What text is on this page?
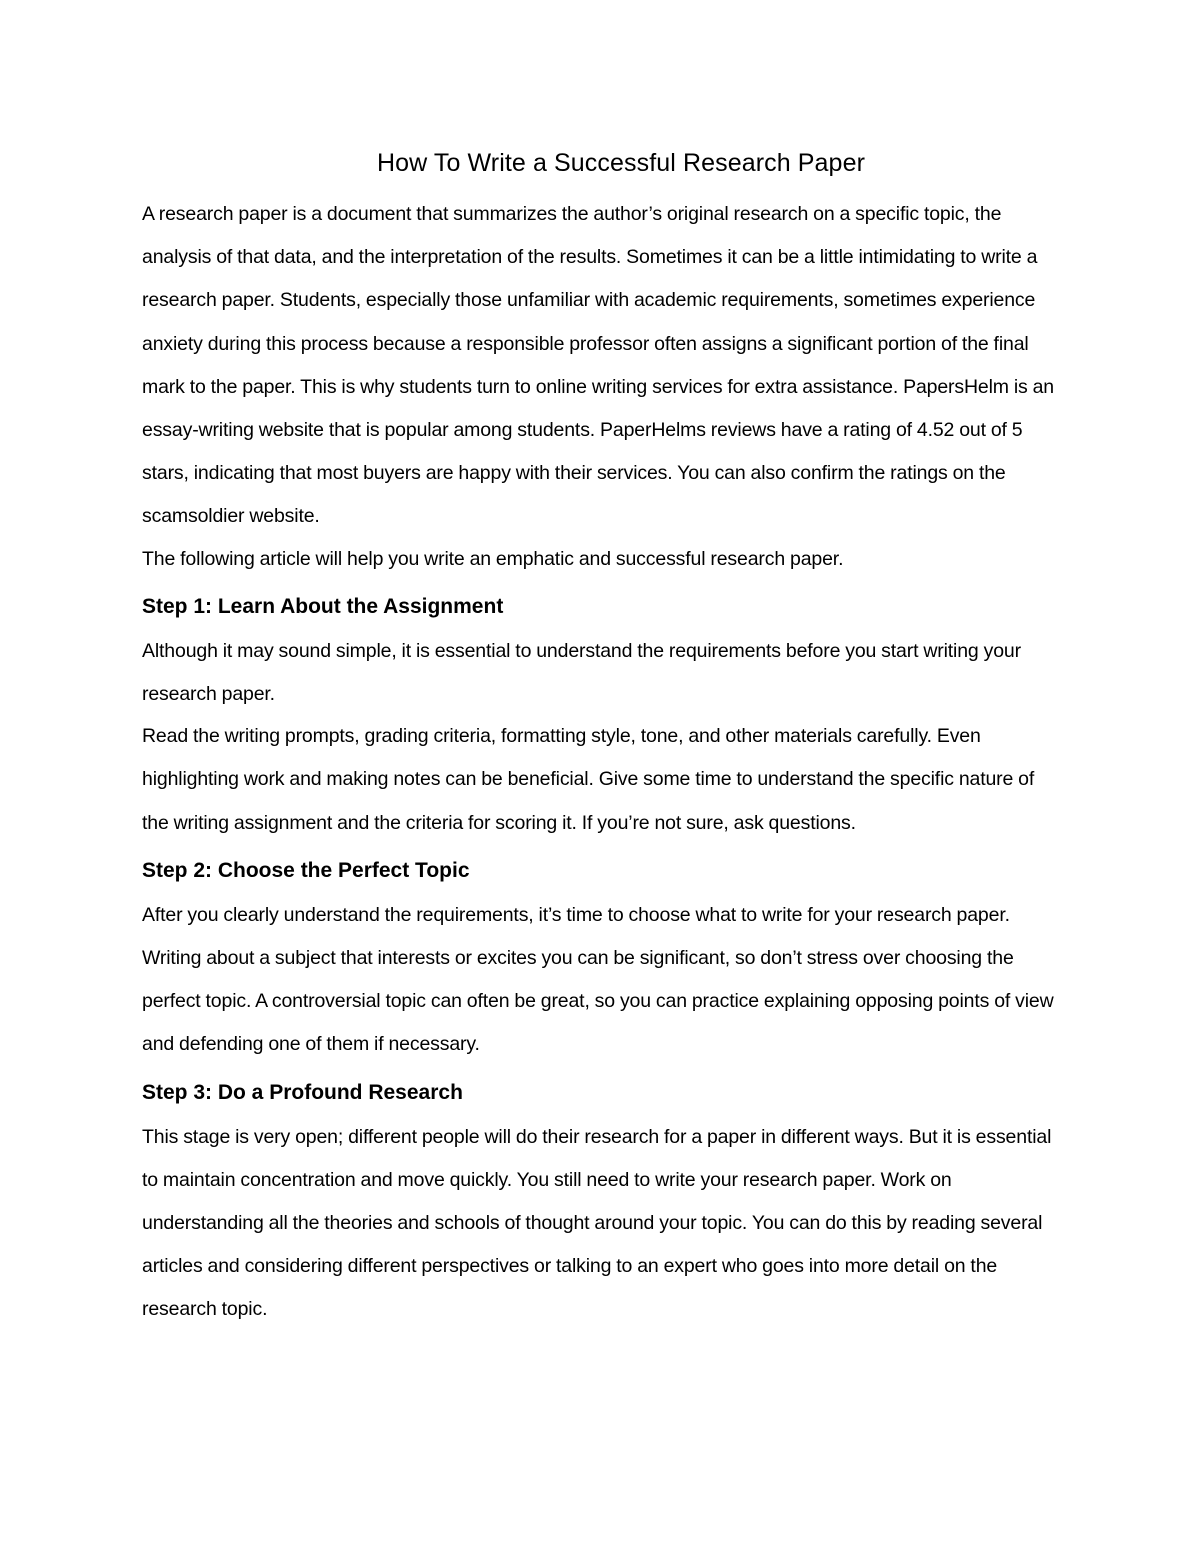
How To Write a Successful Research Paper

A research paper is a document that summarizes the author’s original research on a specific topic, the analysis of that data, and the interpretation of the results. Sometimes it can be a little intimidating to write a research paper. Students, especially those unfamiliar with academic requirements, sometimes experience anxiety during this process because a responsible professor often assigns a significant portion of the final mark to the paper. This is why students turn to online writing services for extra assistance. PapersHelm is an essay-writing website that is popular among students. PaperHelms reviews have a rating of 4.52 out of 5 stars, indicating that most buyers are happy with their services. You can also confirm the ratings on the scamsoldier website.

The following article will help you write an emphatic and successful research paper.

Step 1: Learn About the Assignment

Although it may sound simple, it is essential to understand the requirements before you start writing your research paper.

Read the writing prompts, grading criteria, formatting style, tone, and other materials carefully. Even highlighting work and making notes can be beneficial. Give some time to understand the specific nature of the writing assignment and the criteria for scoring it. If you’re not sure, ask questions.

Step 2: Choose the Perfect Topic

After you clearly understand the requirements, it’s time to choose what to write for your research paper. Writing about a subject that interests or excites you can be significant, so don’t stress over choosing the perfect topic. A controversial topic can often be great, so you can practice explaining opposing points of view and defending one of them if necessary.

Step 3: Do a Profound Research

This stage is very open; different people will do their research for a paper in different ways. But it is essential to maintain concentration and move quickly. You still need to write your research paper. Work on understanding all the theories and schools of thought around your topic. You can do this by reading several articles and considering different perspectives or talking to an expert who goes into more detail on the research topic.
